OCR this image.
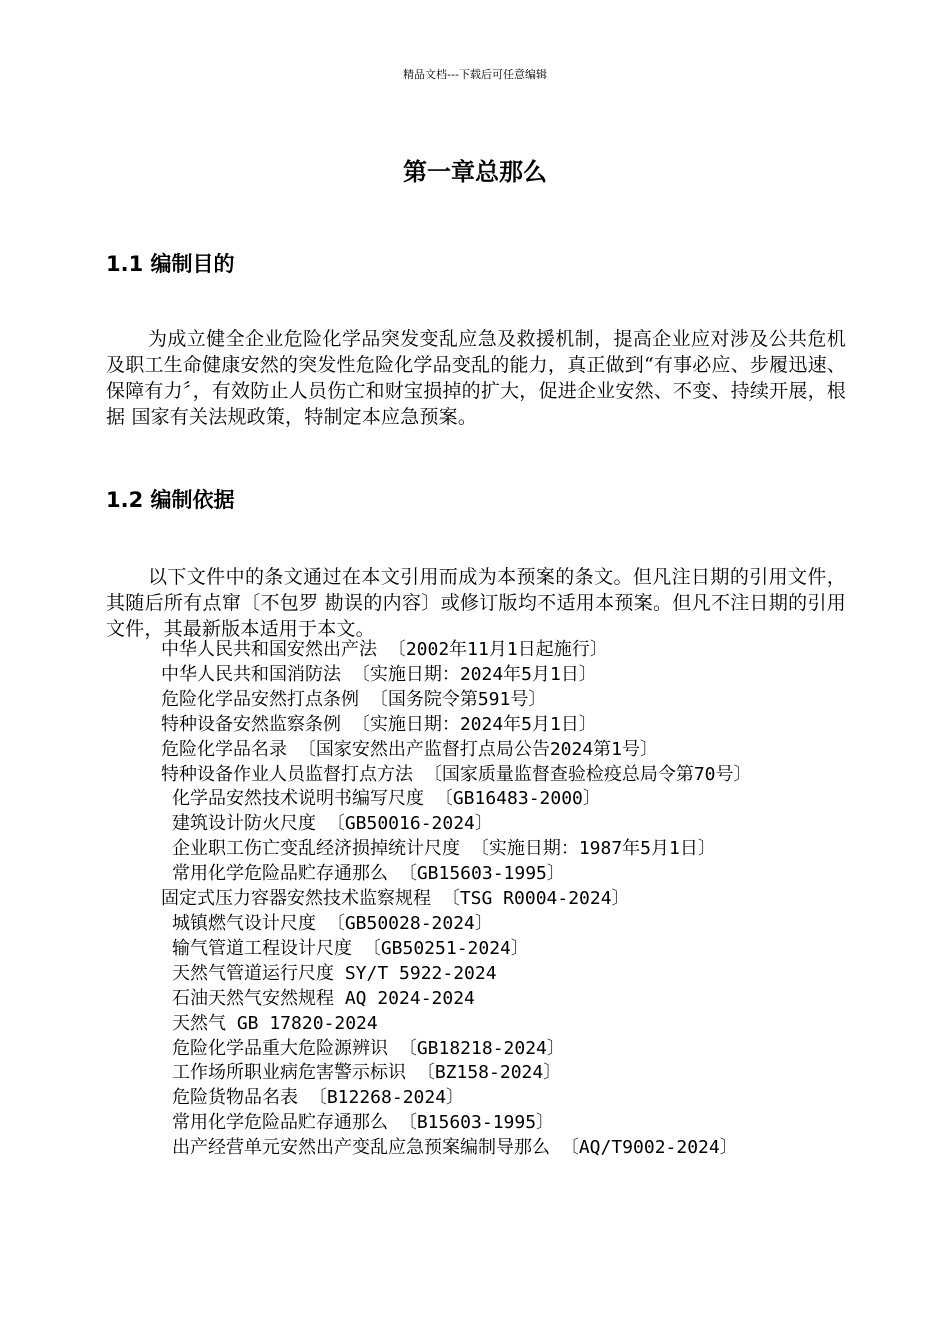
精品文档---下载后可任意编辑
第一章总那么
1.1 编制目的
为成立健全企业危险化学品突发变乱应急及救援机制，提高企业应对涉及公共危机及职工生命健康安然的突发性危险化学品变乱的能力，真正做到“有事必应、步履迅速、保障有力〞，有效防止人员伤亡和财宝损掉的扩大，促进企业安然、不变、持续开展，根据 国家有关法规政策，特制定本应急预案。
1.2 编制依据
以下文件中的条文通过在本文引用而成为本预案的条文。但凡注日期的引用文件，其随后所有点窜〔不包罗 勘误的内容〕或修订版均不适用本预案。但凡不注日期的引用文件，其最新版本适用于本文。
中华人民共和国安然出产法 〔2002年11月1日起施行〕
中华人民共和国消防法 〔实施日期：2024年5月1日〕
危险化学品安然打点条例 〔国务院令第591号〕
特种设备安然监察条例 〔实施日期：2024年5月1日〕
危险化学品名录 〔国家安然出产监督打点局公告2024第1号〕
特种设备作业人员监督打点方法 〔国家质量监督查验检疫总局令第70号〕
化学品安然技术说明书编写尺度 〔GB16483-2000〕
建筑设计防火尺度 〔GB50016-2024〕
企业职工伤亡变乱经济损掉统计尺度 〔实施日期：1987年5月1日〕
常用化学危险品贮存通那么 〔GB15603-1995〕
固定式压力容器安然技术监察规程 〔TSG R0004-2024〕
城镇燃气设计尺度 〔GB50028-2024〕
输气管道工程设计尺度 〔GB50251-2024〕
天然气管道运行尺度 SY/T 5922-2024
石油天然气安然规程 AQ 2024-2024
天然气 GB 17820-2024
危险化学品重大危险源辨识 〔GB18218-2024〕
工作场所职业病危害警示标识 〔BZ158-2024〕
危险货物品名表 〔B12268-2024〕
常用化学危险品贮存通那么 〔B15603-1995〕
出产经营单元安然出产变乱应急预案编制导那么 〔AQ/T9002-2024〕
